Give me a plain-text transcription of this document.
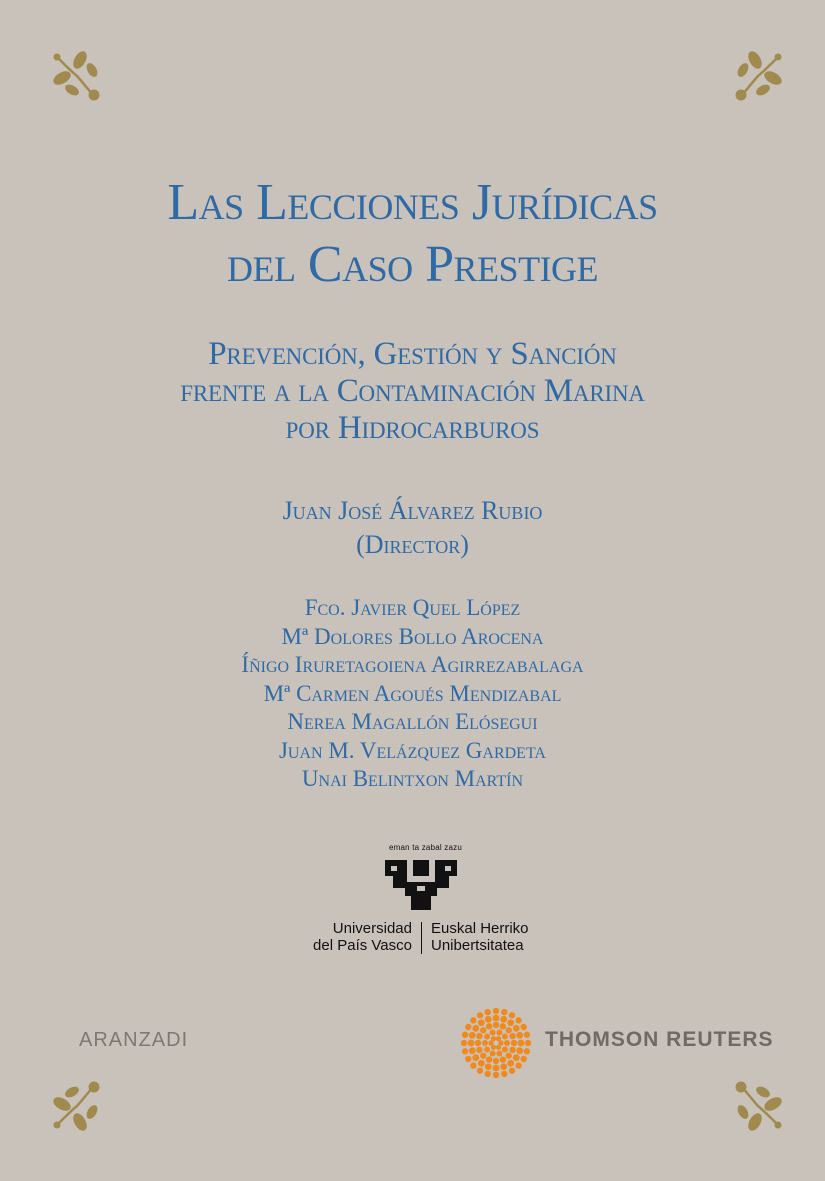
Las Lecciones Jurídicas
del Caso Prestige
Prevención, Gestión y Sanción
frente a la Contaminación Marina
por Hidrocarburos
Juan José Álvarez Rubio
(Director)
Fco. Javier Quel López
Mª Dolores Bollo Arocena
Íñigo Iruretagoiena Agirrezabalaga
Mª Carmen Agoués Mendizabal
Nerea Magallón Elósegui
Juan M. Velázquez Gardeta
Unai Belintxon Martín
eman ta zabal zazu
Universidad
del País Vasco
Euskal Herriko
Unibertsitatea
ARANZADI	THOMSON REUTERS
